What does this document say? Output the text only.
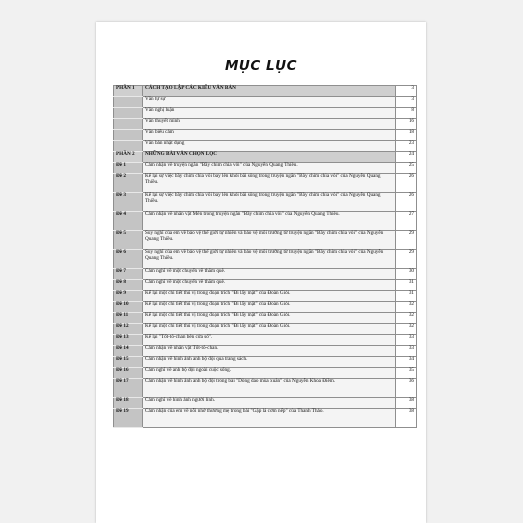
MỤC LỤC
PHẦN 1	CÁCH TẠO LẬP CÁC KIỂU VĂN BẢN	3
	Văn tự sự	3
	Văn nghị luận	8
	Văn thuyết minh	16
	Văn biểu cảm	18
	Văn bản nhật dụng	23
PHẦN 2	NHỮNG BÀI VĂN CHỌN LỌC	24
Đề 1	Cảm nhận về truyện ngắn "Bầy chim chìa vôi" của Nguyễn Quang Thiều.	25
Đề 2	Kể lại sự việc bầy chim chìa vôi bay lên khỏi bãi sông trong truyện ngắn "Bầy chim chìa vôi" của Nguyễn Quang Thiều.	26
Đề 3	Kể lại sự việc bầy chim chìa vôi bay lên khỏi bãi sông trong truyện ngắn "Bầy chim chìa vôi" của Nguyễn Quang Thiều.	26
Đề 4	Cảm nhận về nhân vật Mên trong truyện ngắn "Bầy chim chìa vôi" của Nguyễn Quang Thiều.	27
Đề 5	Suy nghĩ của em về bảo vệ thế giới tự nhiên và bảo vệ môi trường từ truyện ngắn "Bầy chim chìa vôi" của Nguyễn Quang Thiều.	29
Đề 6	Suy nghĩ của em về bảo vệ thế giới tự nhiên và bảo vệ môi trường từ truyện ngắn "Bầy chim chìa vôi" của Nguyễn Quang Thiều.	29
Đề 7	Cảm nghĩ về một chuyến về thăm quê.	30
Đề 8	Cảm nghĩ về một chuyến về thăm quê.	31
Đề 9	Kể lại một chi tiết thú vị trong đoạn trích "Đi lấy mật" của Đoàn Giỏi.	31
Đề 10	Kể lại một chi tiết thú vị trong đoạn trích "Đi lấy mật" của Đoàn Giỏi.	32
Đề 11	Kể lại một chi tiết thú vị trong đoạn trích "Đi lấy mật" của Đoàn Giỏi.	32
Đề 12	Kể lại một chi tiết thú vị trong đoạn trích "Đi lấy mật" của Đoàn Giỏi.	32
Đề 13	Kể lại "Tốt-tô-chan bên cửa sổ".	33
Đề 14	Cảm nhận về nhân vật Tốt-tô-chan.	33
Đề 15	Cảm nhận về hình ảnh anh bộ đội qua trang sách.	34
Đề 16	Cảm nghĩ về anh bộ đội ngoài cuộc sống.	35
Đề 17	Cảm nhận về hình ảnh anh bộ đội trong bài "Dòng dao mùa xuân" của Nguyễn Khoa Điềm.	36
Đề 18	Cảm nghĩ về hình ảnh người lính.	38
Đề 19	Cảm nhận của em về nỗi nhớ thương mẹ trong bài "Gặp lá cơm nếp" của Thanh Thảo.	38
